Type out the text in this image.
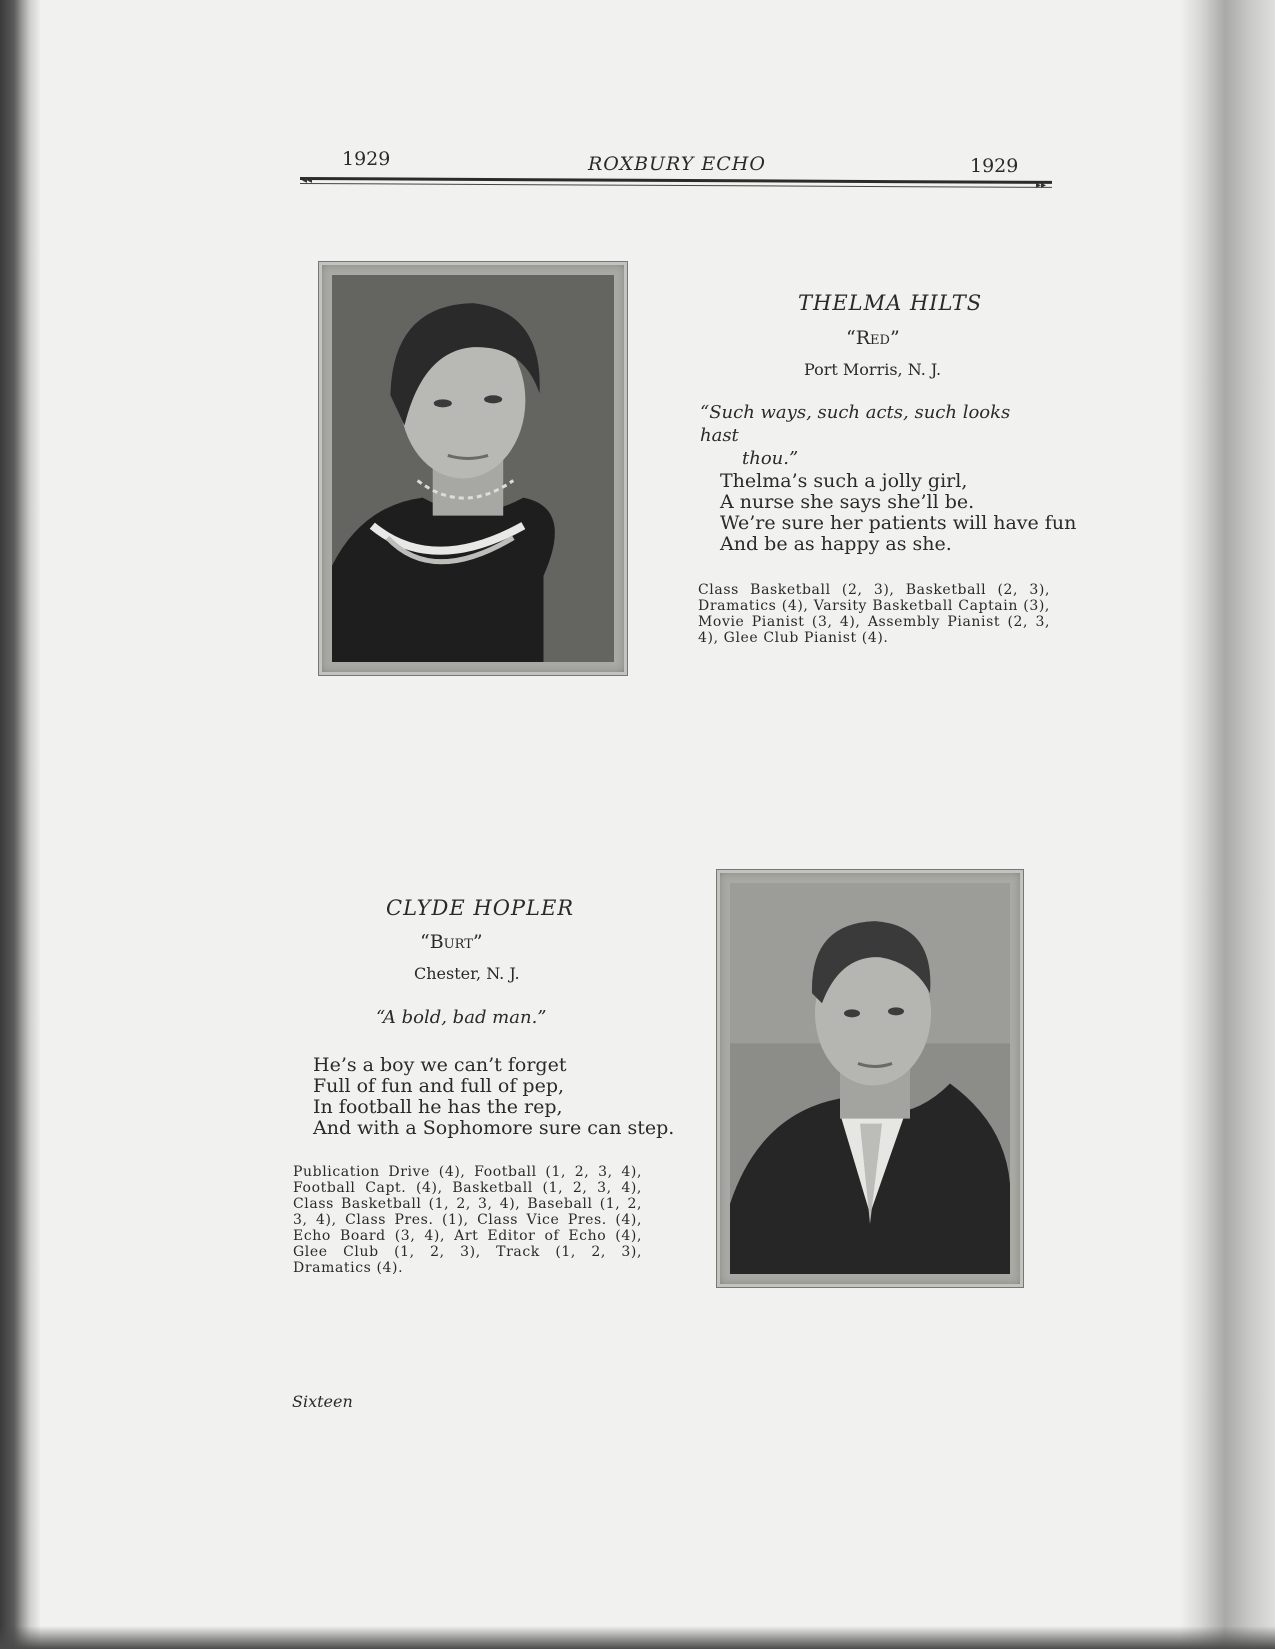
1929	ROXBURY ECHO	1929
◂◂	▸▸
THELMA HILTS
“Red”
Port Morris, N. J.
“Such ways, such acts, such looks hast
thou.”
Thelma’s such a jolly girl,
A nurse she says she’ll be.
We’re sure her patients will have fun
And be as happy as she.
Class Basketball (2, 3), Basketball (2, 3), Dramatics (4), Varsity Basketball Captain (3), Movie Pianist (3, 4), Assembly Pianist (2, 3, 4), Glee Club Pianist (4).
CLYDE HOPLER
“Burt”
Chester, N. J.
“A bold, bad man.”
He’s a boy we can’t forget
Full of fun and full of pep,
In football he has the rep,
And with a Sophomore sure can step.
Publication Drive (4), Football (1, 2, 3, 4), Football Capt. (4), Basketball (1, 2, 3, 4), Class Basketball (1, 2, 3, 4), Baseball (1, 2, 3, 4), Class Pres. (1), Class Vice Pres. (4), Echo Board (3, 4), Art Editor of Echo (4), Glee Club (1, 2, 3), Track (1, 2, 3), Dramatics (4).
Sixteen
